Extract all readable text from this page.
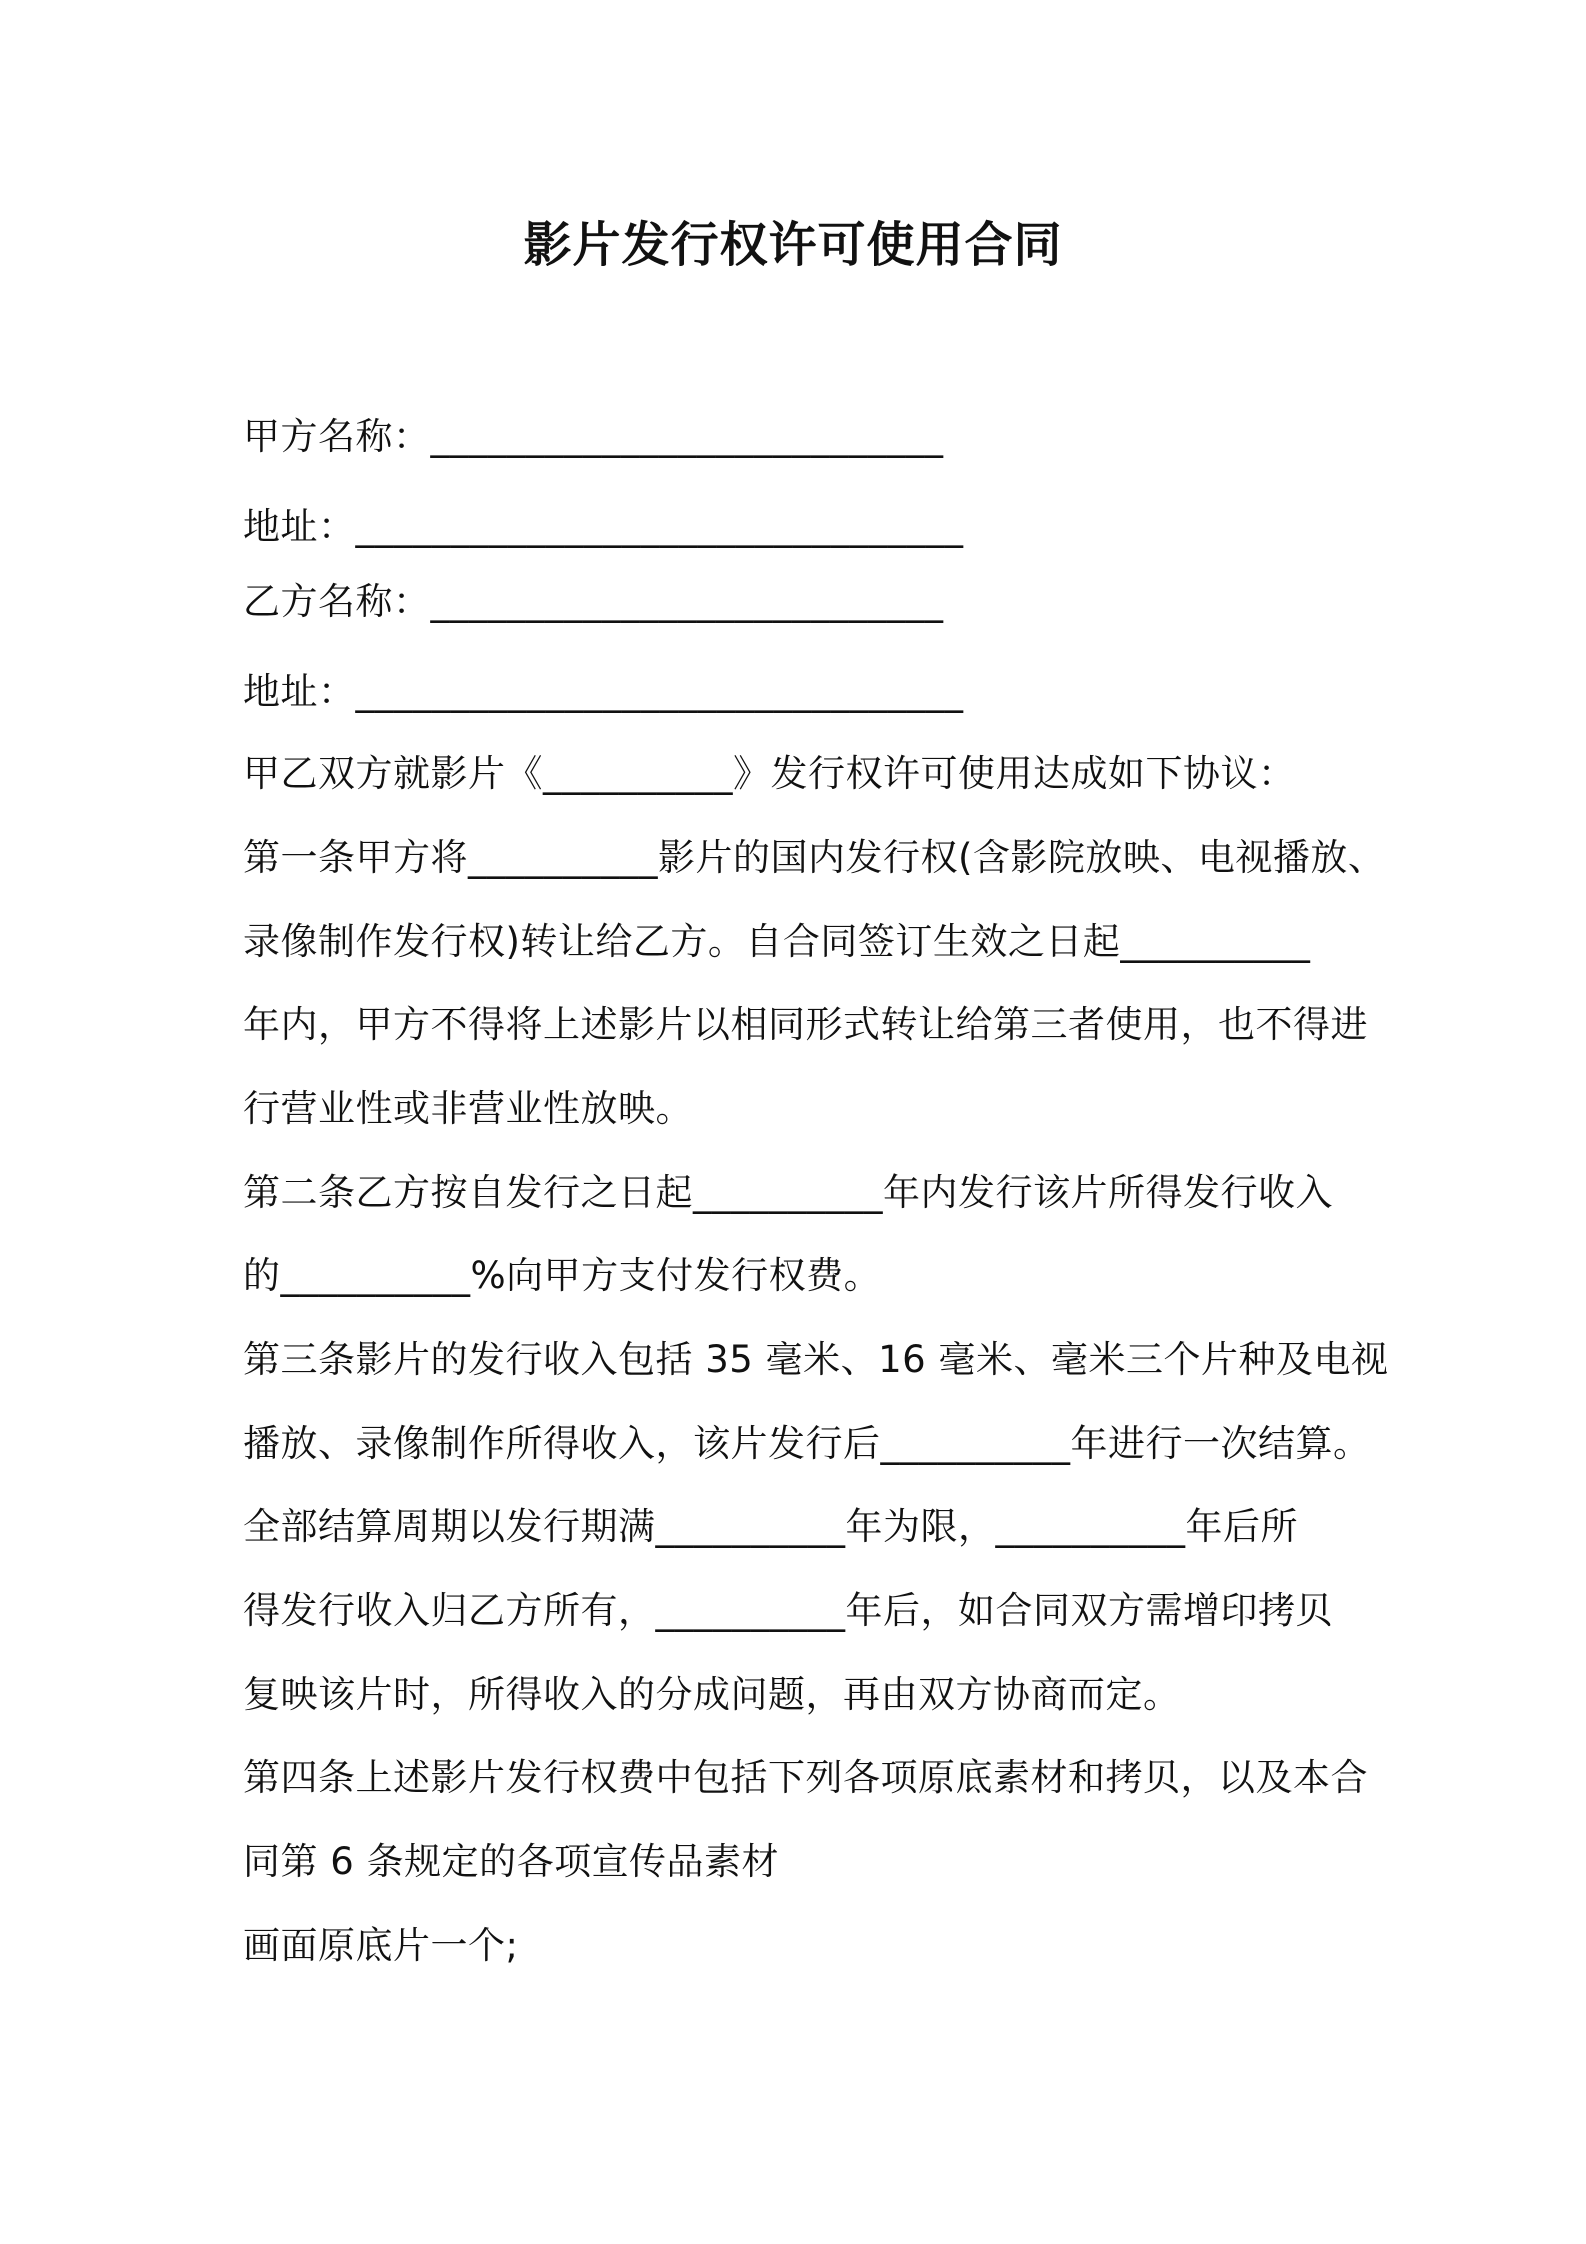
影片发行权许可使用合同
甲方名称：___________________________
地址：________________________________
乙方名称：___________________________
地址：________________________________
甲乙双方就影片《__________》发行权许可使用达成如下协议：
第一条甲方将__________影片的国内发行权(含影院放映、电视播放、
录像制作发行权)转让给乙方。自合同签订生效之日起__________
年内，甲方不得将上述影片以相同形式转让给第三者使用，也不得进
行营业性或非营业性放映。
第二条乙方按自发行之日起__________年内发行该片所得发行收入
的__________%向甲方支付发行权费。
第三条影片的发行收入包括 35 毫米、16 毫米、毫米三个片种及电视
播放、录像制作所得收入，该片发行后__________年进行一次结算。
全部结算周期以发行期满__________年为限，__________年后所
得发行收入归乙方所有，__________年后，如合同双方需增印拷贝
复映该片时，所得收入的分成问题，再由双方协商而定。
第四条上述影片发行权费中包括下列各项原底素材和拷贝，以及本合
同第 6 条规定的各项宣传品素材
画面原底片一个;
